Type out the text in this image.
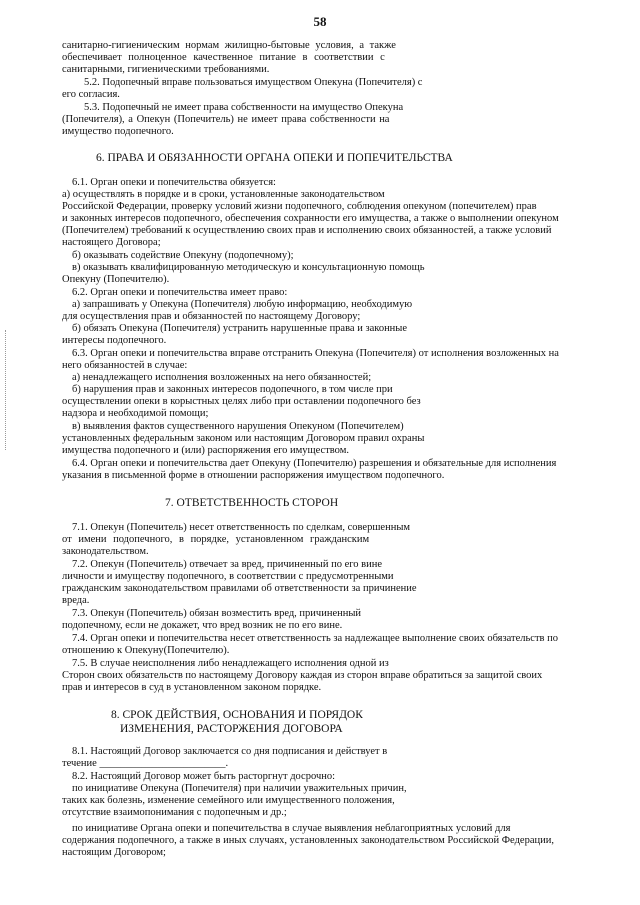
58
санитарно-гигиеническим нормам жилищно-бытовые условия, а также
обеспечивает полноценное качественное питание в соответствии с
санитарными, гигиеническими требованиями.
5.2. Подопечный вправе пользоваться имуществом Опекуна (Попечителя) с
его согласия.
5.3. Подопечный не имеет права собственности на имущество Опекуна
(Попечителя), а Опекун (Попечитель) не имеет права собственности на
имущество подопечного.
6. ПРАВА И ОБЯЗАННОСТИ ОРГАНА ОПЕКИ И ПОПЕЧИТЕЛЬСТВА
6.1. Орган опеки и попечительства обязуется:
а) осуществлять в порядке и в сроки, установленные законодательством
Российской Федерации, проверку условий жизни подопечного, соблюдения опекуном (попечителем) прав
и законных интересов подопечного, обеспечения сохранности его имущества, а также о выполнении опекуном
(Попечителем) требований к осуществлению своих прав и исполнению своих обязанностей, а также условий
настоящего Договора;
б) оказывать содействие Опекуну (подопечному);
в) оказывать квалифицированную методическую и консультационную помощь
Опекуну (Попечителю).
6.2. Орган опеки и попечительства имеет право:
а) запрашивать у Опекуна (Попечителя) любую информацию, необходимую
для осуществления прав и обязанностей по настоящему Договору;
б) обязать Опекуна (Попечителя) устранить нарушенные права и законные
интересы подопечного.
6.3. Орган опеки и попечительства вправе отстранить Опекуна (Попечителя) от исполнения возложенных на
него обязанностей в случае:
а) ненадлежащего исполнения возложенных на него обязанностей;
б) нарушения прав и законных интересов подопечного, в том числе при
осуществлении опеки в корыстных целях либо при оставлении подопечного без
надзора и необходимой помощи;
в) выявления фактов существенного нарушения Опекуном (Попечителем)
установленных федеральным законом или настоящим Договором правил охраны
имущества подопечного и (или) распоряжения его имуществом.
6.4. Орган опеки и попечительства дает Опекуну (Попечителю) разрешения и обязательные для исполнения
указания в письменной форме в отношении распоряжения имуществом подопечного.
7. ОТВЕТСТВЕННОСТЬ СТОРОН
7.1. Опекун (Попечитель) несет ответственность по сделкам, совершенным
от имени подопечного, в порядке, установленном гражданским
законодательством.
7.2. Опекун (Попечитель) отвечает за вред, причиненный по его вине
личности и имуществу подопечного, в соответствии с предусмотренными
гражданским законодательством правилами об ответственности за причинение
вреда.
7.3. Опекун (Попечитель) обязан возместить вред, причиненный
подопечному, если не докажет, что вред возник не по его вине.
7.4. Орган опеки и попечительства несет ответственность за надлежащее выполнение своих обязательств по
отношению к Опекуну(Попечителю).
7.5. В случае неисполнения либо ненадлежащего исполнения одной из
Сторон своих обязательств по настоящему Договору каждая из сторон вправе обратиться за защитой своих
прав и интересов в суд в установленном законом порядке.
8. СРОК ДЕЙСТВИЯ, ОСНОВАНИЯ И ПОРЯДОК
ИЗМЕНЕНИЯ, РАСТОРЖЕНИЯ ДОГОВОРА
8.1. Настоящий Договор заключается со дня подписания и действует в
течение ________________________.
8.2. Настоящий Договор может быть расторгнут досрочно:
по инициативе Опекуна (Попечителя) при наличии уважительных причин,
таких как болезнь, изменение семейного или имущественного положения,
отсутствие взаимопонимания с подопечным и др.;
по инициативе Органа опеки и попечительства в случае выявления неблагоприятных условий для
содержания подопечного, а также в иных случаях, установленных законодательством Российской Федерации,
настоящим Договором;
